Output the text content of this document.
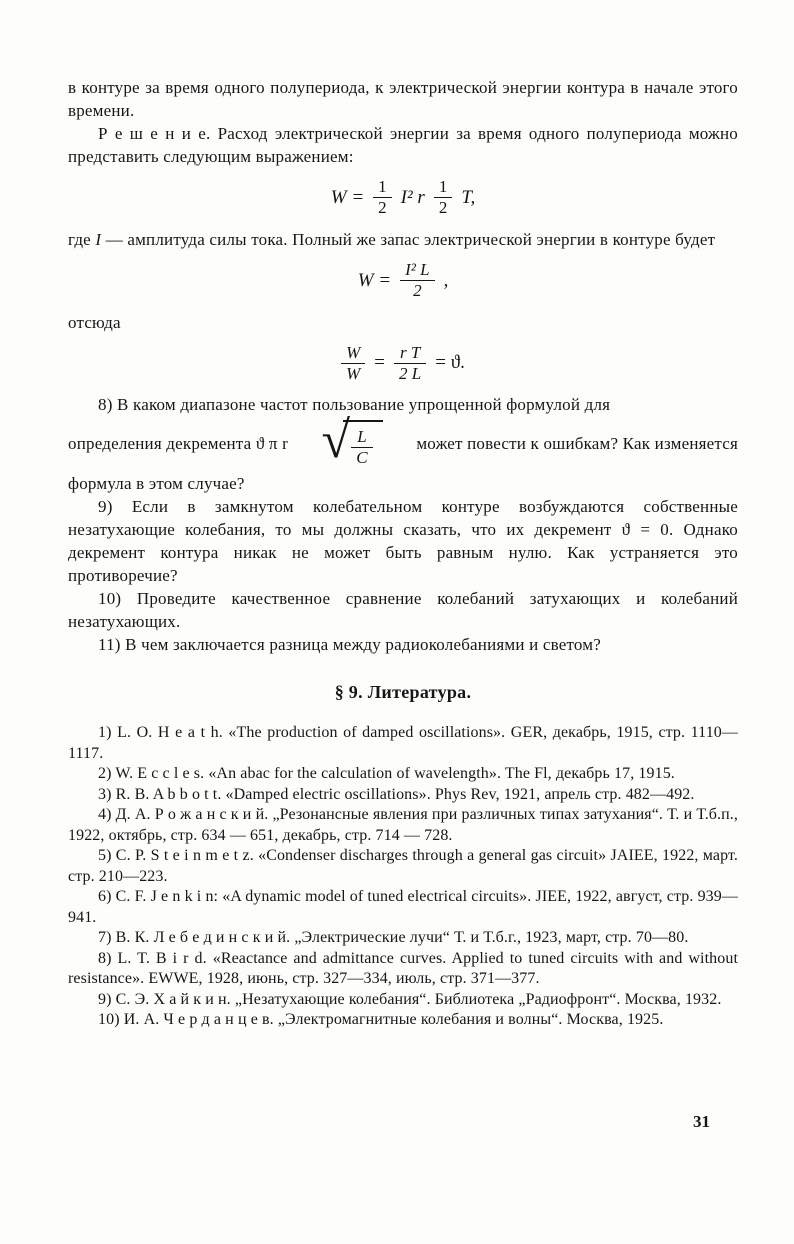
в контуре за время одного полупериода, к электрической энергии контура в начале этого времени.

Р е ш е н и е. Расход электрической энергии за время одного полупериода можно представить следующим выражением:

$W = \frac{1}{2} I^2$ r $\frac{1}{2} T$,

где I — амплитуда силы тока. Полный же запас электрической энергии в контуре будет

$W = \frac{\text{I² L}}{2}$ ,

отсюда

$\frac{W}{W} = \frac{\text{r T}}{2 L} = ϑ$.

8) В каком диапазоне частот пользование упрощенной формулой для

определения декремента ϑ π r √ $\frac{L}{C}$	может повести к ошибкам? Как изменяется

формула в этом случае?

9) Если в замкнутом колебательном контуре возбуждаются собственные незатухающие колебания, то мы должны сказать, что их декремент ϑ = 0. Однако декремент контура никак не может быть равным нулю. Как устраняется это противоречие?

10) Проведите качественное сравнение колебаний затухающих и колебаний незатухающих.

11) В чем заключается разница между радиоколебаниями и светом?

§ 9. Литература.

1) L. O. H e a t h. «The production of damped oscillations». GER, декабрь, 1915, стр. 1110—1117.

2) W. E c c l e s. «An abac for the calculation of wavelength». The Fl, декабрь 17, 1915.

3) R. B. A b b o t t. «Damped electric oscillations». Phys Rev, 1921, апрель стр. 482—492.

4) Д. А. Р о ж а н с к и й. „Резонансные явления при различных типах затухания“. Т. и Т.б.п., 1922, октябрь, стр. 634 — 651, декабрь, стр. 714 — 728.

5) C. P. S t e i n m e t z. «Condenser discharges through a general gas circuit» JAIEE, 1922, март. стр. 210—223.

6) C. F. J e n k i n: «A dynamic model of tuned electrical circuits». JIEE, 1922, август, стр. 939—941.

7) В. К. Л е б е д и н с к и й. „Электрические лучи“ Т. и Т.б.г., 1923, март, стр. 70—80.

8) L. T. B i r d. «Reactance and admittance curves. Applied to tuned circuits with and without resistance». EWWE, 1928, июнь, стр. 327—334, июль, стр. 371—377.

9) С. Э. Х а й к и н. „Незатухающие колебания“. Библиотека „Радиофронт“. Москва, 1932.

10) И. А. Ч е р д а н ц е в. „Электромагнитные колебания и волны“. Москва, 1925.

31
